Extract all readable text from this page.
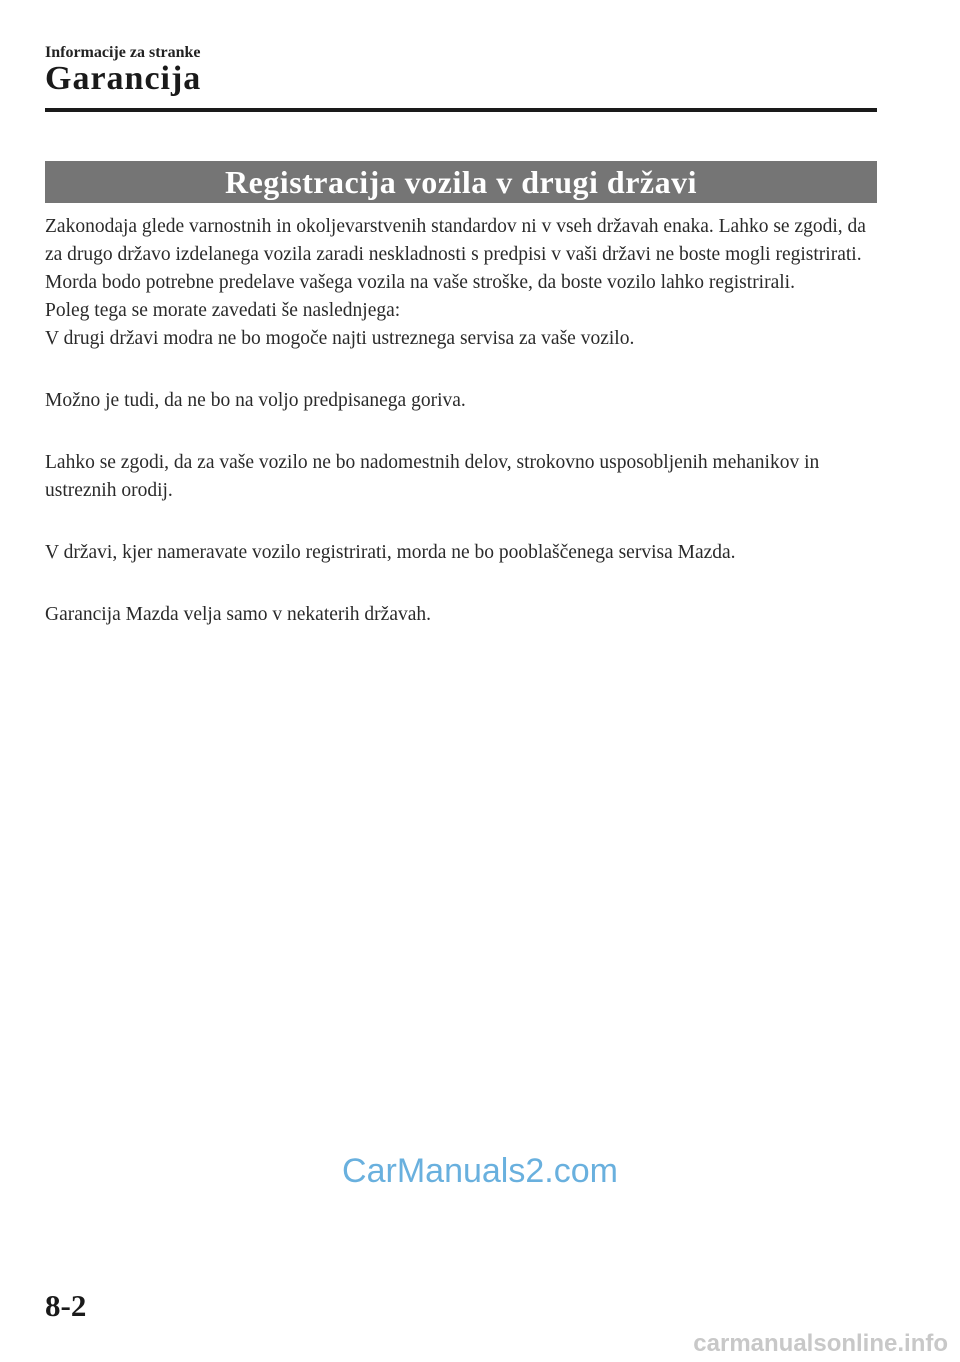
Informacije za stranke
Garancija
Registracija vozila v drugi državi

Zakonodaja glede varnostnih in okoljevarstvenih standardov ni v vseh državah enaka. Lahko se zgodi, da za drugo državo izdelanega vozila zaradi neskladnosti s predpisi v vaši državi ne boste mogli registrirati. Morda bodo potrebne predelave vašega vozila na vaše stroške, da boste vozilo lahko registrirali.

Poleg tega se morate zavedati še naslednjega:

V drugi državi modra ne bo mogoče najti ustreznega servisa za vaše vozilo.

Možno je tudi, da ne bo na voljo predpisanega goriva.

Lahko se zgodi, da za vaše vozilo ne bo nadomestnih delov, strokovno usposobljenih mehanikov in ustreznih orodij.

V državi, kjer nameravate vozilo registrirati, morda ne bo pooblaščenega servisa Mazda.

Garancija Mazda velja samo v nekaterih državah.

CarManuals2.com
8-2
carmanualsonline.info
